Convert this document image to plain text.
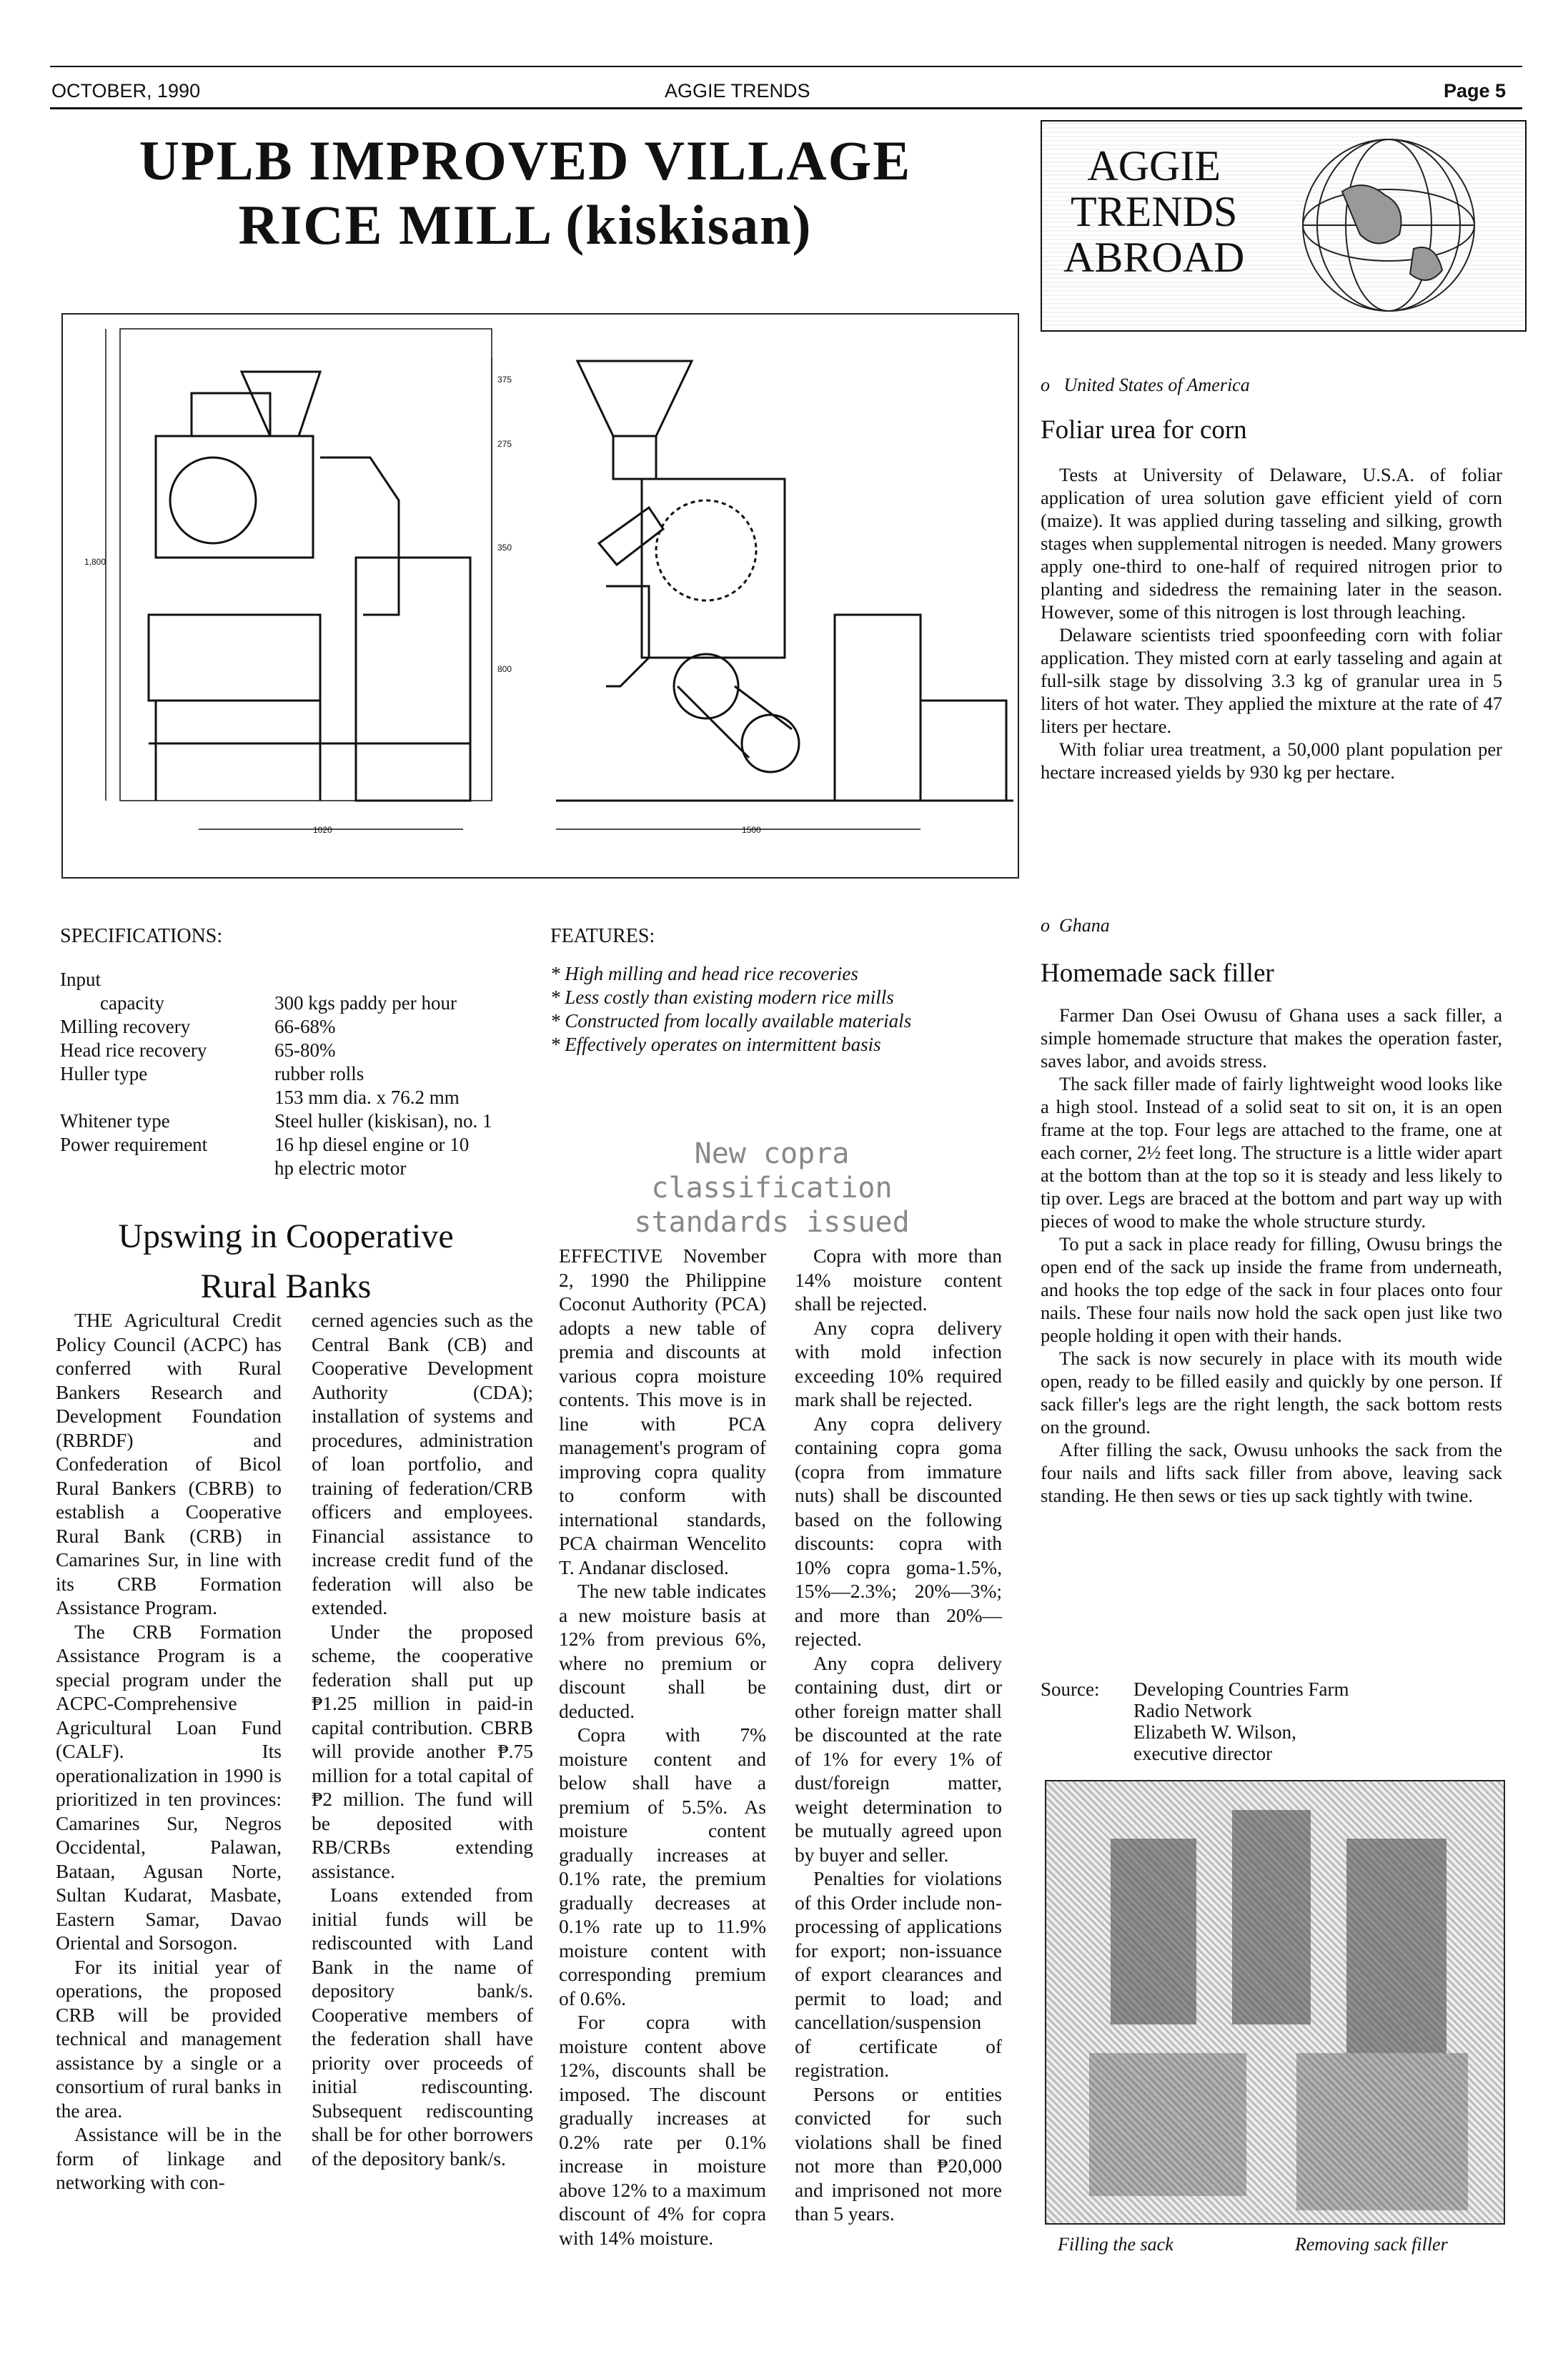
OCTOBER, 1990	AGGIE TRENDS	Page 5
UPLB IMPROVED VILLAGE
RICE MILL (kiskisan)
1,800
375
275
350
800
1020	1500
SPECIFICATIONS:
Input
capacity	300 kgs paddy per hour
Milling recovery	66-68%
Head rice recovery	65-80%
Huller type	rubber rolls
153 mm dia. x 76.2 mm
Whitener type	Steel huller (kiskisan), no. 1
Power requirement	16 hp diesel engine or 10
hp electric motor
FEATURES:
* High milling and head rice recoveries
* Less costly than existing modern rice mills
* Constructed from locally available materials
* Effectively operates on intermittent basis
Upswing in Cooperative
Rural Banks

THE Agricultural Credit Policy Council (ACPC) has conferred with Rural Bankers Research and Development Foundation (RBRDF) and Confederation of Bicol Rural Bankers (CBRB) to establish a Cooperative Rural Bank (CRB) in Camarines Sur, in line with its CRB Formation Assistance Program.

The CRB Formation Assistance Program is a special program under the ACPC-Comprehensive Agricultural Loan Fund (CALF). Its operationalization in 1990 is prioritized in ten provinces: Camarines Sur, Negros Occidental, Palawan, Bataan, Agusan Norte, Sultan Kudarat, Masbate, Eastern Samar, Davao Oriental and Sorsogon.

For its initial year of operations, the proposed CRB will be provided technical and management assistance by a single or a consortium of rural banks in the area.

Assistance will be in the form of linkage and networking with con-

cerned agencies such as the Central Bank (CB) and Cooperative Development Authority (CDA); installation of systems and procedures, administration of loan portfolio, and training of federation/CRB officers and employees. Financial assistance to increase credit fund of the federation will also be extended.

Under the proposed scheme, the cooperative federation shall put up ₱1.25 million in paid-in capital contribution. CBRB will provide another ₱.75 million for a total capital of ₱2 million. The fund will be deposited with RB/CRBs extending assistance.

Loans extended from initial funds will be rediscounted with Land Bank in the name of depository bank/s. Cooperative members of the federation shall have priority over proceeds of initial rediscounting. Subsequent rediscounting shall be for other borrowers of the depository bank/s.

New copra classification
standards issued

EFFECTIVE November 2, 1990 the Philippine Coconut Authority (PCA) adopts a new table of premia and discounts at various copra moisture contents. This move is in line with PCA management's program of improving copra quality to conform with international standards, PCA chairman Wencelito T. Andanar disclosed.

The new table indicates a new moisture basis at 12% from previous 6%, where no premium or discount shall be deducted.

Copra with 7% moisture content and below shall have a premium of 5.5%. As moisture content gradually increases at 0.1% rate, the premium gradually decreases at 0.1% rate up to 11.9% moisture content with corresponding premium of 0.6%.

For copra with moisture content above 12%, discounts shall be imposed. The discount gradually increases at 0.2% rate per 0.1% increase in moisture above 12% to a maximum discount of 4% for copra with 14% moisture.

Copra with more than 14% moisture content shall be rejected.

Any copra delivery with mold infection exceeding 10% required mark shall be rejected.

Any copra delivery containing copra goma (copra from immature nuts) shall be discounted based on the following discounts: copra with 10% copra goma-1.5%, 15%—2.3%; 20%—3%; and more than 20%—rejected.

Any copra delivery containing dust, dirt or other foreign matter shall be discounted at the rate of 1% for every 1% of dust/foreign matter, weight determination to be mutually agreed upon by buyer and seller.

Penalties for violations of this Order include non-processing of applications for export; non-issuance of export clearances and permit to load; and cancellation/suspension of certificate of registration.

Persons or entities convicted for such violations shall be fined not more than ₱20,000 and imprisoned not more than 5 years.

AGGIE
TRENDS
ABROAD
o   United States of America
Foliar urea for corn

Tests at University of Delaware, U.S.A. of foliar application of urea solution gave efficient yield of corn (maize). It was applied during tasseling and silking, growth stages when supplemental nitrogen is needed. Many growers apply one-third to one-half of required nitrogen prior to planting and sidedress the remaining later in the season. However, some of this nitrogen is lost through leaching.

Delaware scientists tried spoonfeeding corn with foliar application. They misted corn at early tasseling and again at full-silk stage by dissolving 3.3 kg of granular urea in 5 liters of hot water. They applied the mixture at the rate of 47 liters per hectare.

With foliar urea treatment, a 50,000 plant population per hectare increased yields by 930 kg per hectare.

o  Ghana
Homemade sack filler

Farmer Dan Osei Owusu of Ghana uses a sack filler, a simple homemade structure that makes the operation faster, saves labor, and avoids stress.

The sack filler made of fairly lightweight wood looks like a high stool. Instead of a solid seat to sit on, it is an open frame at the top. Four legs are attached to the frame, one at each corner, 2½ feet long. The structure is a little wider apart at the bottom than at the top so it is steady and less likely to tip over. Legs are braced at the bottom and part way up with pieces of wood to make the whole structure sturdy.

To put a sack in place ready for filling, Owusu brings the open end of the sack up inside the frame from underneath, and hooks the top edge of the sack in four places onto four nails. These four nails now hold the sack open just like two people holding it open with their hands.

The sack is now securely in place with its mouth wide open, ready to be filled easily and quickly by one person. If sack filler's legs are the right length, the sack bottom rests on the ground.

After filling the sack, Owusu unhooks the sack from the four nails and lifts sack filler from above, leaving sack standing. He then sews or ties up sack tightly with twine.

Source:	Developing Countries Farm
Radio Network
Elizabeth W. Wilson,
executive director
Filling the sack	Removing sack filler
